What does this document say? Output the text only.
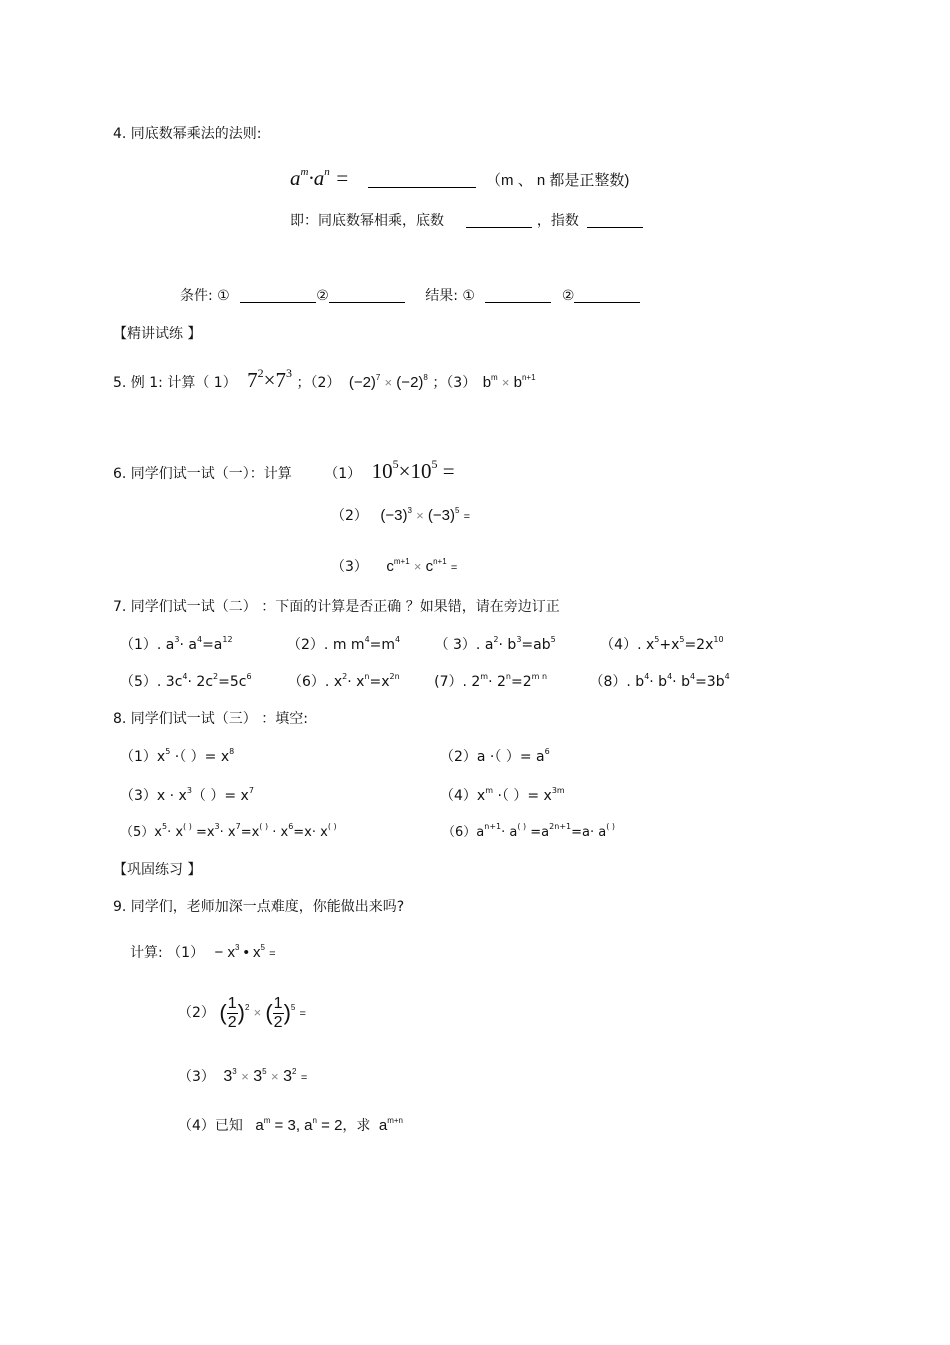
4. 同底数幂乘法的法则:
$a^m\cdot a^n$ =	（m 、 n 都是正整数)
即：同底数幂相乘，底数	，指数
条件: ①	②	结果: ①	②
【精讲试练 】
5. 例 1: 计算（ 1） $7^2\times 7^3$ ；（2） $(-2)^7 \times (-2)^8$ ；（3） $b^m \times b^{n+1}$
6. 同学们试一试（一）：计算 （1） $10^5\times 10^5$ =
（2） $(-3)^3 \times (-3)^5$ =
（3） $c^{m+1} \times c^{n+1}$ =
7. 同学们试一试（二） ：下面的计算是否正确 ？如果错，请在旁边订正
（1）. $a^3\cdot a^4=a^{12}$	（2）. m $m^4=m^4$ （ 3）. $a^2\cdot b^3=ab^5$	（4）. $x^5+x^5=2x^{10}$
（5）. $3c^4\cdot 2c^2=5c^6$	（6）. $x^2\cdot x^n=x^{2n}$ (7）. $2^m\cdot 2^n=2^{m n}$	（8）. $b^4\cdot b^4\cdot b^4=3b^4$
8. 同学们试一试（三） ：填空:
$(1)x^5$ ·（ ）= $x^8$	（2）a ·（ ）= $a^6$
$(3)x \cdot x^3$（ ）= $x^7$	$(4)x^m$ ·（ ）= $x^{3m}$
$(5)x^5\cdot x^{( )} =x^3\cdot x^7=x^{( )} \cdot x^6=x\cdot x^{( )}$	$(6)a^{n+1}\cdot a^{( )} =a^{2n+1}=a\cdot a^{( )}$
【巩固练习 】
9. 同学们，老师加深一点难度，你能做出来吗?
计算: $(1) - x^3$ • $x^5$ =
（2） ( $\frac{1}{2} )^2$ × ( $\frac{1}{2} )^5$ =
（3） $3^3 \times 3^5 \times 3^2$ =
（4）已知 $a^m = 3$, $a^n = 2$，求 $a^{m+n}$
